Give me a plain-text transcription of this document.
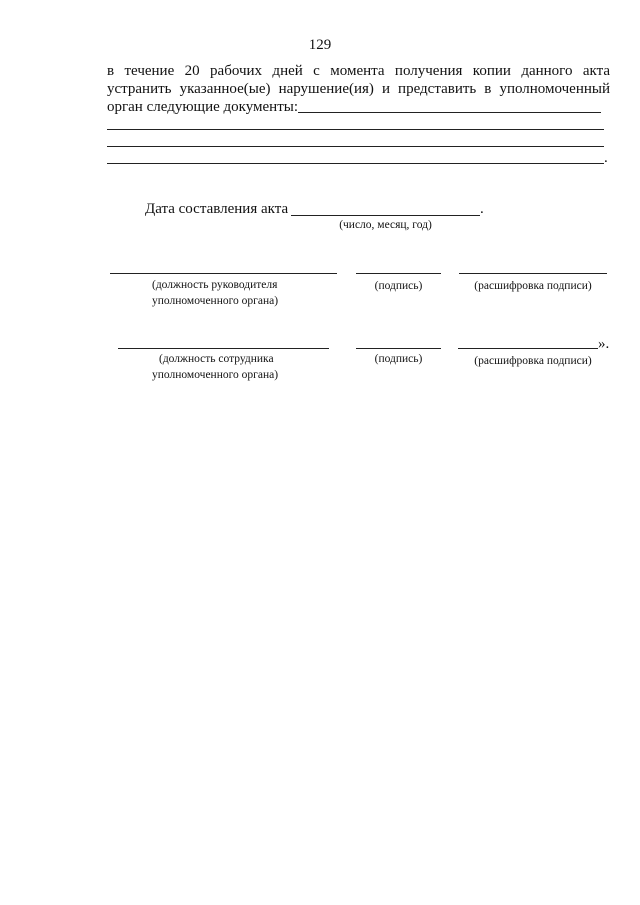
129
в течение 20 рабочих дней с момента получения копии данного акта
устранить указанное(ые) нарушение(ия) и представить в уполномоченный
орган следующие документы:
.
Дата составления акта	.
(число, месяц, год)
(должность руководителя
уполномоченного органа)
(подпись)	(расшифровка подписи)
(должность сотрудника
уполномоченного органа)
(подпись)
».
(расшифровка подписи)
